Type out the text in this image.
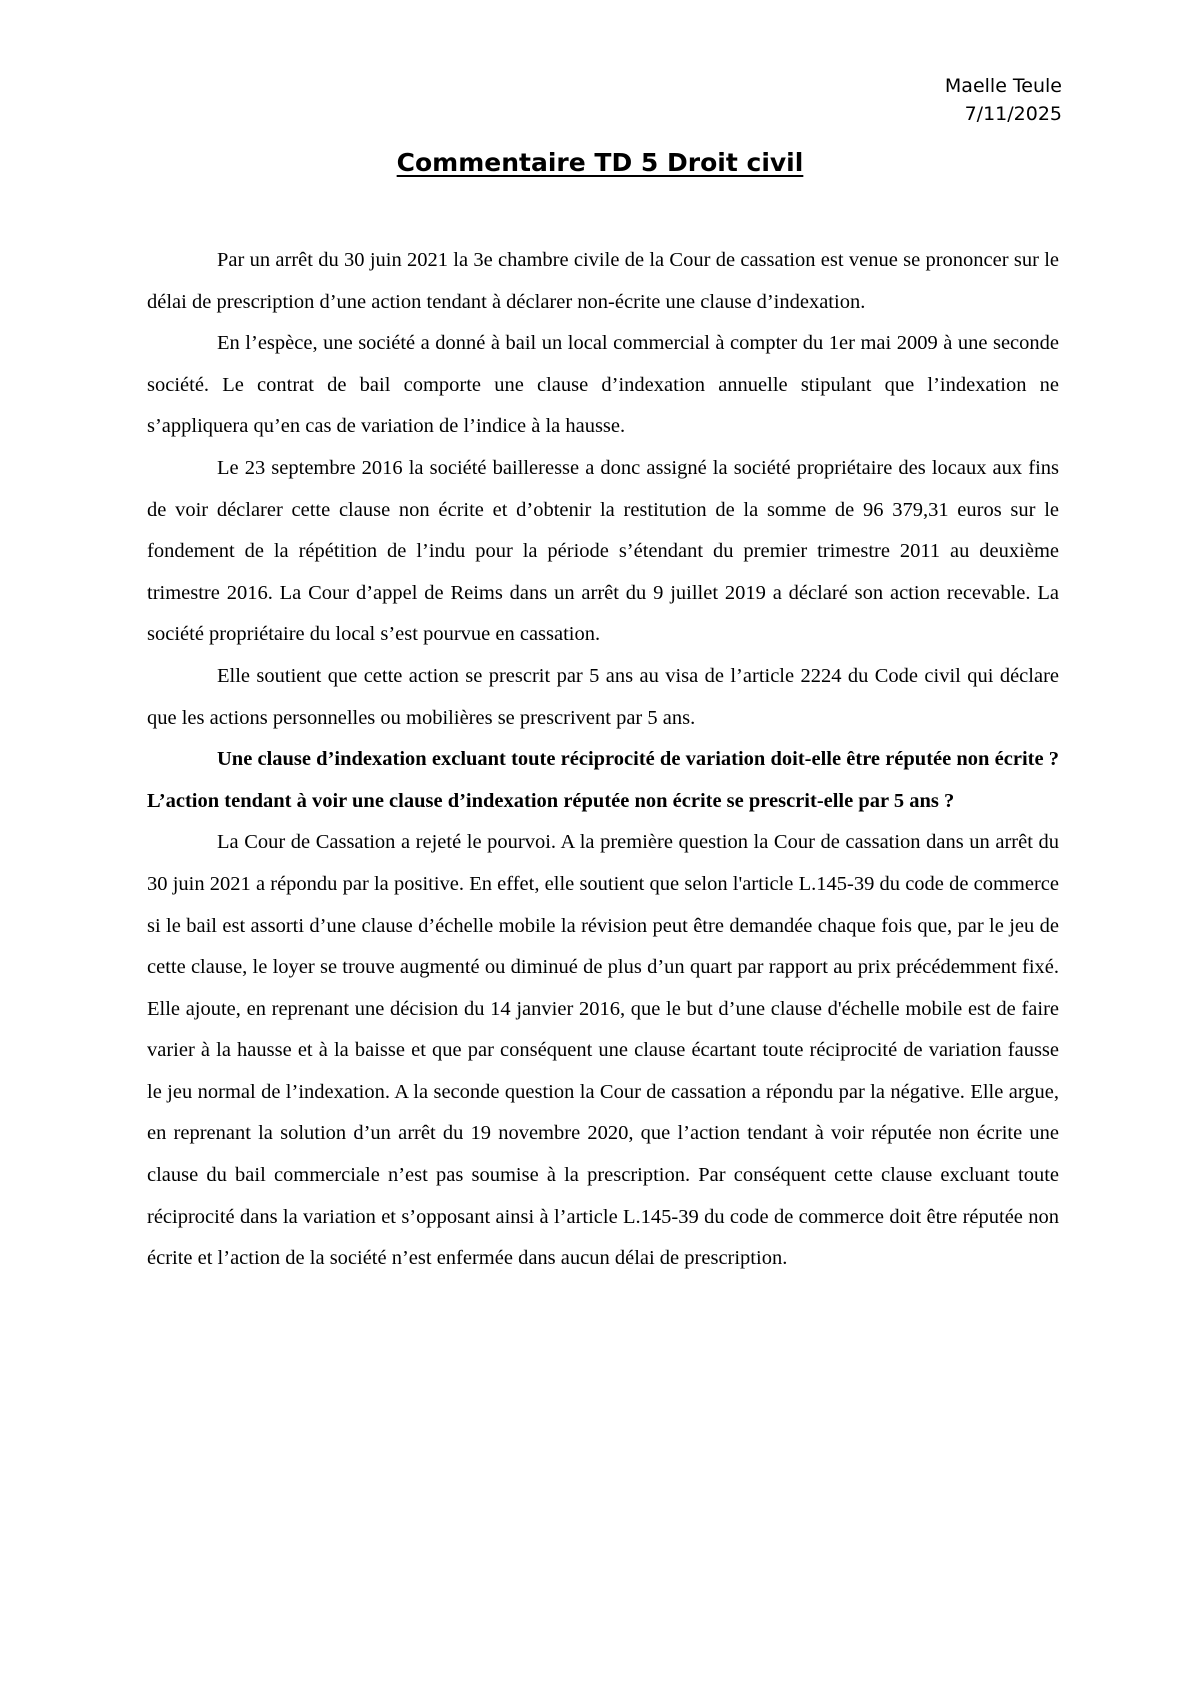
Maelle Teule
7/11/2025
Commentaire TD 5 Droit civil

Par un arrêt du 30 juin 2021 la 3e chambre civile de la Cour de cassation est venue se prononcer sur le délai de prescription d’une action tendant à déclarer non-écrite une clause d’indexation.

En l’espèce, une société a donné à bail un local commercial à compter du 1er mai 2009 à une seconde société. Le contrat de bail comporte une clause d’indexation annuelle stipulant que l’indexation ne s’appliquera qu’en cas de variation de l’indice à la hausse.

Le 23 septembre 2016 la société bailleresse a donc assigné la société propriétaire des locaux aux fins de voir déclarer cette clause non écrite et d’obtenir la restitution de la somme de 96 379,31 euros sur le fondement de la répétition de l’indu pour la période s’étendant du premier trimestre 2011 au deuxième trimestre 2016. La Cour d’appel de Reims dans un arrêt du 9 juillet 2019 a déclaré son action recevable. La société propriétaire du local s’est pourvue en cassation.

Elle soutient que cette action se prescrit par 5 ans au visa de l’article 2224 du Code civil qui déclare que les actions personnelles ou mobilières se prescrivent par 5 ans.

Une clause d’indexation excluant toute réciprocité de variation doit-elle être réputée non écrite ? L’action tendant à voir une clause d’indexation réputée non écrite se prescrit-elle par 5 ans ?

La Cour de Cassation a rejeté le pourvoi. A la première question la Cour de cassation dans un arrêt du 30 juin 2021 a répondu par la positive. En effet, elle soutient que selon l'article L.145-39 du code de commerce si le bail est assorti d’une clause d’échelle mobile la révision peut être demandée chaque fois que, par le jeu de cette clause, le loyer se trouve augmenté ou diminué de plus d’un quart par rapport au prix précédemment fixé. Elle ajoute, en reprenant une décision du 14 janvier 2016, que le but d’une clause d'échelle mobile est de faire varier à la hausse et à la baisse et que par conséquent une clause écartant toute réciprocité de variation fausse le jeu normal de l’indexation. A la seconde question la Cour de cassation a répondu par la négative. Elle argue, en reprenant la solution d’un arrêt du 19 novembre 2020, que l’action tendant à voir réputée non écrite une clause du bail commerciale n’est pas soumise à la prescription. Par conséquent cette clause excluant toute réciprocité dans la variation et s’opposant ainsi à l’article L.145-39 du code de commerce doit être réputée non écrite et l’action de la société n’est enfermée dans aucun délai de prescription.
